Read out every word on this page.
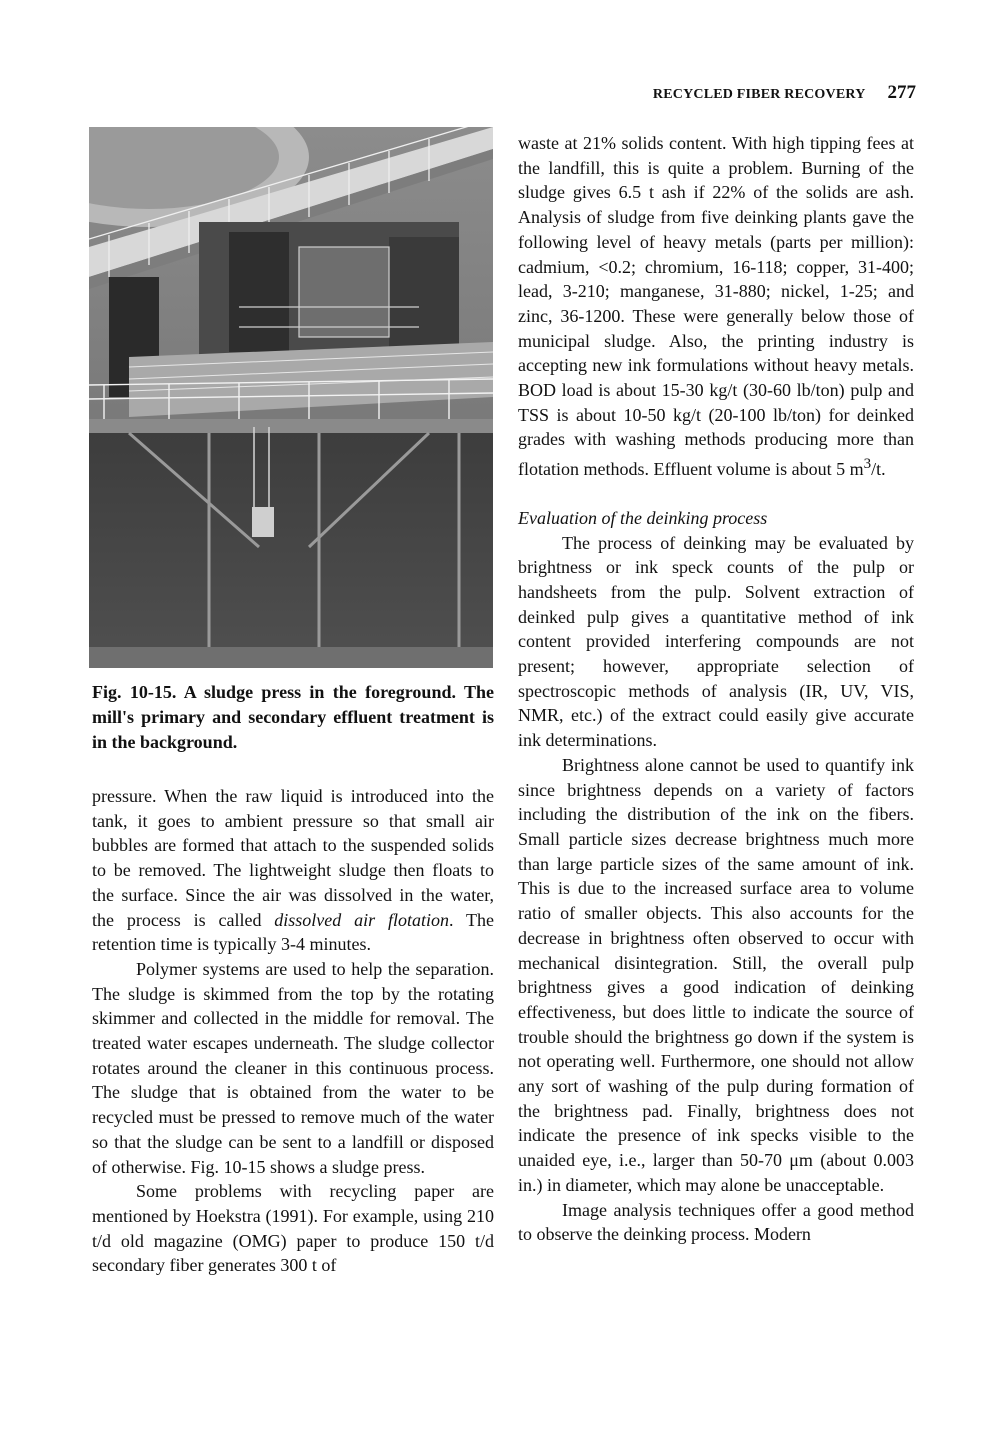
RECYCLED FIBER RECOVERY 277
Fig. 10-15. A sludge press in the foreground. The mill's primary and secondary effluent treatment is in the background.

pressure. When the raw liquid is introduced into the tank, it goes to ambient pressure so that small air bubbles are formed that attach to the suspended solids to be removed. The lightweight sludge then floats to the surface. Since the air was dissolved in the water, the process is called dissolved air flotation. The retention time is typically 3-4 minutes.

Polymer systems are used to help the separation. The sludge is skimmed from the top by the rotating skimmer and collected in the middle for removal. The treated water escapes underneath. The sludge collector rotates around the cleaner in this continuous process. The sludge that is obtained from the water to be recycled must be pressed to remove much of the water so that the sludge can be sent to a landfill or disposed of otherwise. Fig. 10-15 shows a sludge press.

Some problems with recycling paper are mentioned by Hoekstra (1991). For example, using 210 t/d old magazine (OMG) paper to produce 150 t/d secondary fiber generates 300 t of

waste at 21% solids content. With high tipping fees at the landfill, this is quite a problem. Burning of the sludge gives 6.5 t ash if 22% of the solids are ash. Analysis of sludge from five deinking plants gave the following level of heavy metals (parts per million): cadmium, <0.2; chromium, 16-118; copper, 31-400; lead, 3-210; manganese, 31-880; nickel, 1-25; and zinc, 36-1200. These were generally below those of municipal sludge. Also, the printing industry is accepting new ink formulations without heavy metals. BOD load is about 15-30 kg/t (30-60 lb/ton) pulp and TSS is about 10-50 kg/t (20-100 lb/ton) for deinked grades with washing methods producing more than flotation methods. Effluent volume is about 5 $m^3/t$.

Evaluation of the deinking process

The process of deinking may be evaluated by brightness or ink speck counts of the pulp or handsheets from the pulp. Solvent extraction of deinked pulp gives a quantitative method of ink content provided interfering compounds are not present; however, appropriate selection of spectroscopic methods of analysis (IR, UV, VIS, NMR, etc.) of the extract could easily give accurate ink determinations.

Brightness alone cannot be used to quantify ink since brightness depends on a variety of factors including the distribution of the ink on the fibers. Small particle sizes decrease brightness much more than large particle sizes of the same amount of ink. This is due to the increased surface area to volume ratio of smaller objects. This also accounts for the decrease in brightness often observed to occur with mechanical disintegration. Still, the overall pulp brightness gives a good indication of deinking effectiveness, but does little to indicate the source of trouble should the brightness go down if the system is not operating well. Furthermore, one should not allow any sort of washing of the pulp during formation of the brightness pad. Finally, brightness does not indicate the presence of ink specks visible to the unaided eye, i.e., larger than 50-70 μm (about 0.003 in.) in diameter, which may alone be unacceptable.

Image analysis techniques offer a good method to observe the deinking process. Modern
